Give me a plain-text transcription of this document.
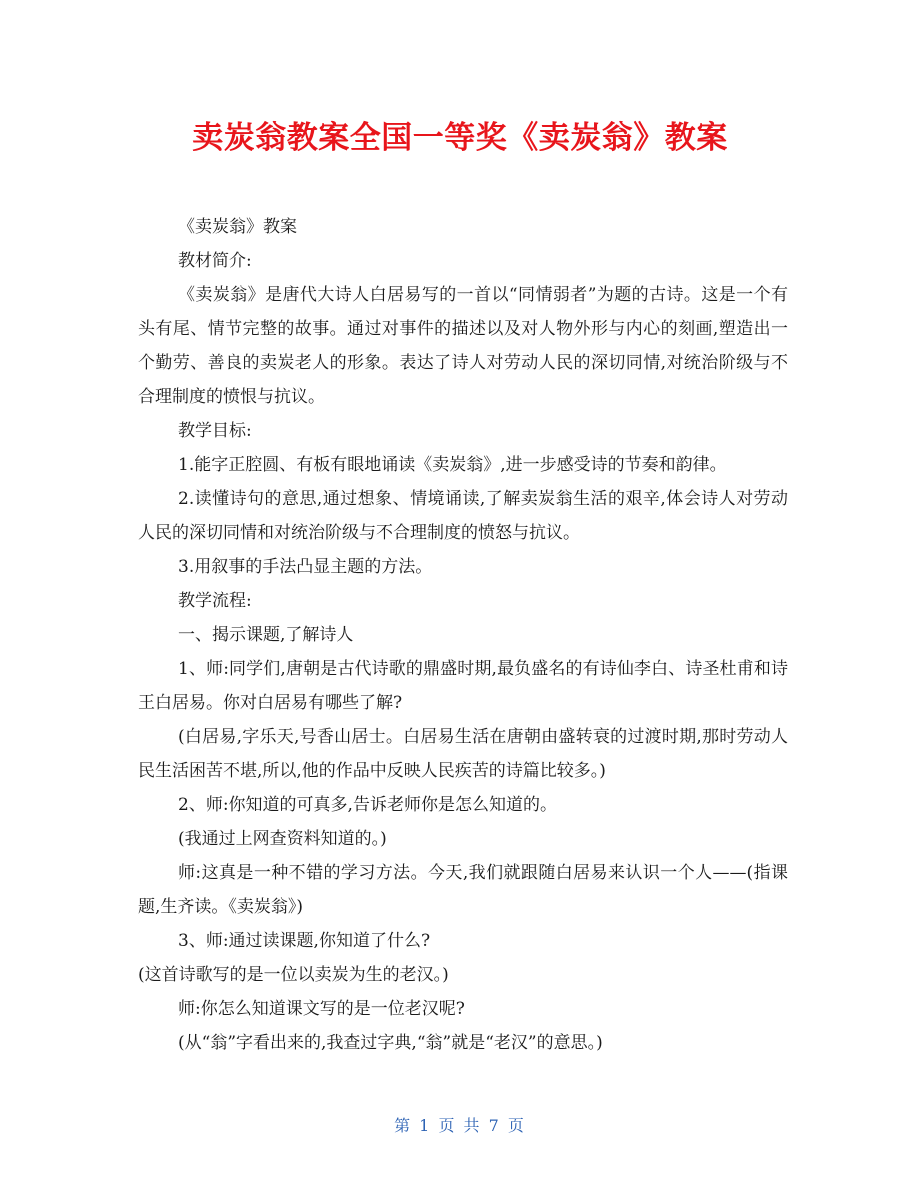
卖炭翁教案全国一等奖《卖炭翁》教案

《卖炭翁》教案

教材简介:

《卖炭翁》是唐代大诗人白居易写的一首以“同情弱者”为题的古诗。这是一个有头有尾、情节完整的故事。通过对事件的描述以及对人物外形与内心的刻画,塑造出一个勤劳、善良的卖炭老人的形象。表达了诗人对劳动人民的深切同情,对统治阶级与不合理制度的愤恨与抗议。

教学目标:

1.能字正腔圆、有板有眼地诵读《卖炭翁》,进一步感受诗的节奏和韵律。

2.读懂诗句的意思,通过想象、情境诵读,了解卖炭翁生活的艰辛,体会诗人对劳动人民的深切同情和对统治阶级与不合理制度的愤怒与抗议。

3.用叙事的手法凸显主题的方法。

教学流程:

一、揭示课题,了解诗人

1、师:同学们,唐朝是古代诗歌的鼎盛时期,最负盛名的有诗仙李白、诗圣杜甫和诗王白居易。你对白居易有哪些了解?

(白居易,字乐天,号香山居士。白居易生活在唐朝由盛转衰的过渡时期,那时劳动人民生活困苦不堪,所以,他的作品中反映人民疾苦的诗篇比较多。)

2、师:你知道的可真多,告诉老师你是怎么知道的。

(我通过上网查资料知道的。)

师:这真是一种不错的学习方法。今天,我们就跟随白居易来认识一个人——(指课题,生齐读。《卖炭翁》)

3、师:通过读课题,你知道了什么?

(这首诗歌写的是一位以卖炭为生的老汉。)

师:你怎么知道课文写的是一位老汉呢?

(从“翁”字看出来的,我查过字典,“翁”就是“老汉”的意思。)

第 1 页 共 7 页
